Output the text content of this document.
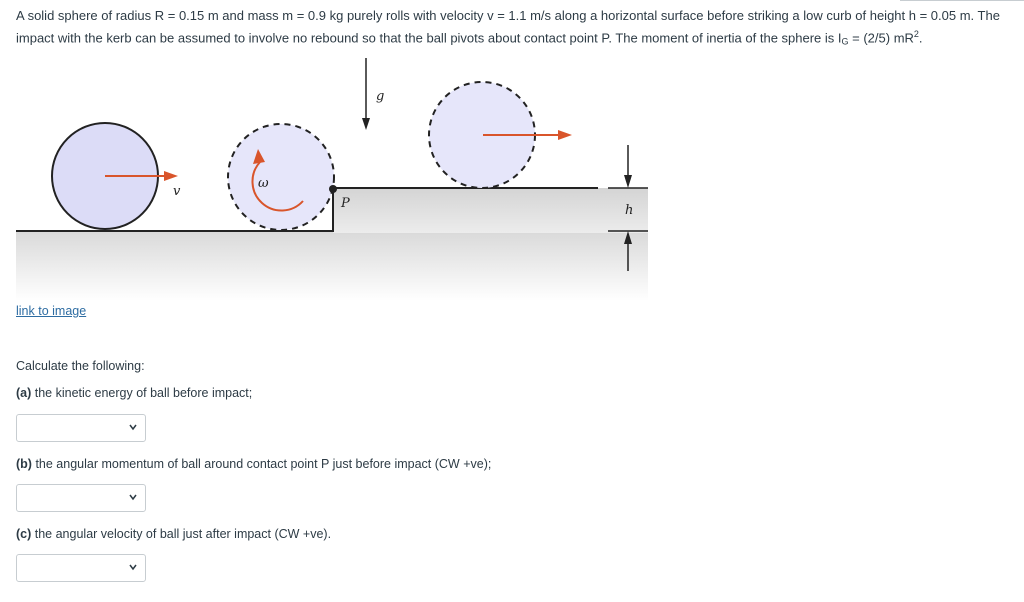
A solid sphere of radius R = 0.15 m and mass m = 0.9 kg purely rolls with velocity v = 1.1 m/s along a horizontal surface before striking a low curb of height h = 0.05 m. The impact with the kerb can be assumed to involve no rebound so that the ball pivots about contact point P. The moment of inertia of the sphere is $I_G = (2/5)$ $mR^2$.
v
ω
P
g
h
link to image
Calculate the following:
(a) the kinetic energy of ball before impact;
(b) the angular momentum of ball around contact point P just before impact (CW +ve);
(c) the angular velocity of ball just after impact (CW +ve).
